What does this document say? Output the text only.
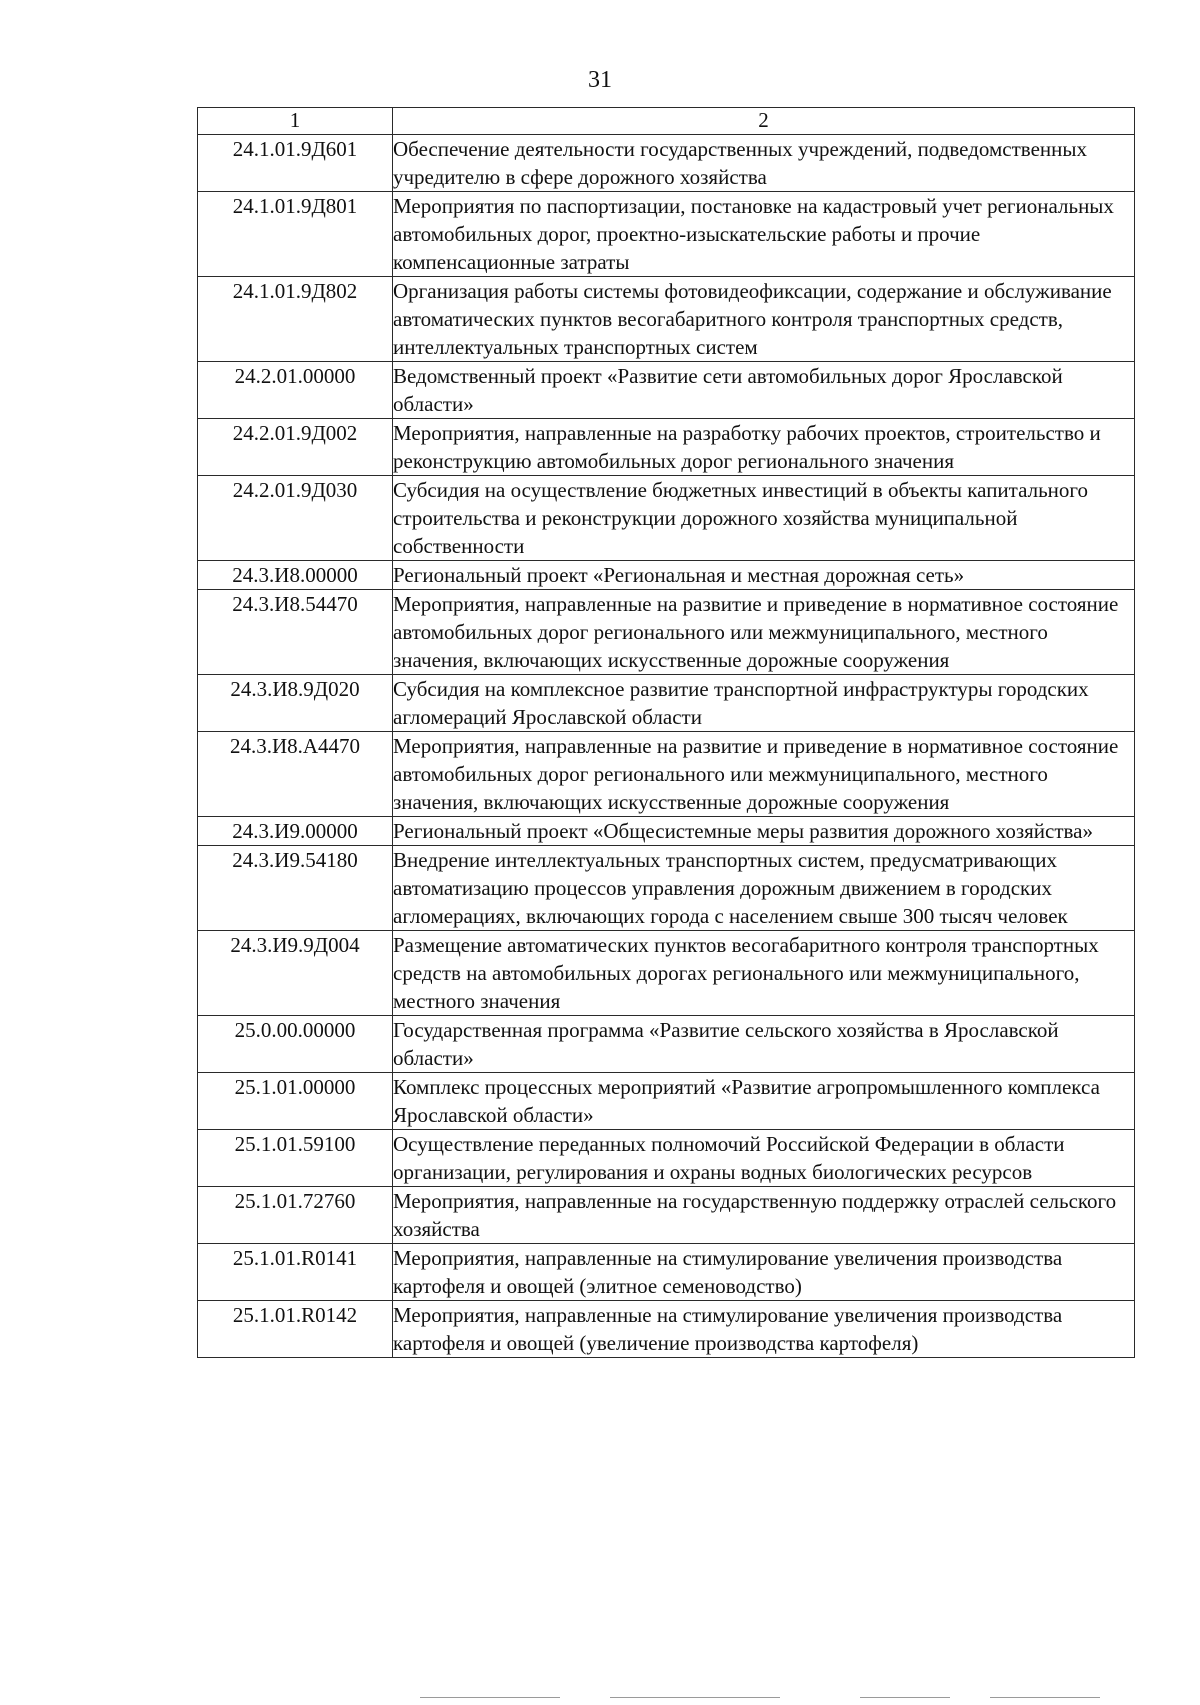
31
1	2
24.1.01.9Д601	Обеспечение деятельности государственных учреждений, подведомственных учредителю в сфере дорожного хозяйства
24.1.01.9Д801	Мероприятия по паспортизации, постановке на кадастровый учет региональных автомобильных дорог, проектно-изыскательские работы и прочие компенсационные затраты
24.1.01.9Д802	Организация работы системы фотовидеофиксации, содержание и обслуживание автоматических пунктов весогабаритного контроля транспортных средств, интеллектуальных транспортных систем
24.2.01.00000	Ведомственный проект «Развитие сети автомобильных дорог Ярославской области»
24.2.01.9Д002	Мероприятия, направленные на разработку рабочих проектов, строительство и реконструкцию автомобильных дорог регионального значения
24.2.01.9Д030	Субсидия на осуществление бюджетных инвестиций в объекты капитального строительства и реконструкции дорожного хозяйства муниципальной собственности
24.3.И8.00000	Региональный проект «Региональная и местная дорожная сеть»
24.3.И8.54470	Мероприятия, направленные на развитие и приведение в нормативное состояние автомобильных дорог регионального или межмуниципального, местного значения, включающих искусственные дорожные сооружения
24.3.И8.9Д020	Субсидия на комплексное развитие транспортной инфраструктуры городских агломераций Ярославской области
24.3.И8.А4470	Мероприятия, направленные на развитие и приведение в нормативное состояние автомобильных дорог регионального или межмуниципального, местного значения, включающих искусственные дорожные сооружения
24.3.И9.00000	Региональный проект «Общесистемные меры развития дорожного хозяйства»
24.3.И9.54180	Внедрение интеллектуальных транспортных систем, предусматривающих автоматизацию процессов управления дорожным движением в городских агломерациях, включающих города с населением свыше 300 тысяч человек
24.3.И9.9Д004	Размещение автоматических пунктов весогабаритного контроля транспортных средств на автомобильных дорогах регионального или межмуниципального, местного значения
25.0.00.00000	Государственная программа «Развитие сельского хозяйства в Ярославской области»
25.1.01.00000	Комплекс процессных мероприятий «Развитие агропромышленного комплекса Ярославской области»
25.1.01.59100	Осуществление переданных полномочий Российской Федерации в области организации, регулирования и охраны водных биологических ресурсов
25.1.01.72760	Мероприятия, направленные на государственную поддержку отраслей сельского хозяйства
25.1.01.R0141	Мероприятия, направленные на стимулирование увеличения производства картофеля и овощей (элитное семеноводство)
25.1.01.R0142	Мероприятия, направленные на стимулирование увеличения производства картофеля и овощей (увеличение производства картофеля)
